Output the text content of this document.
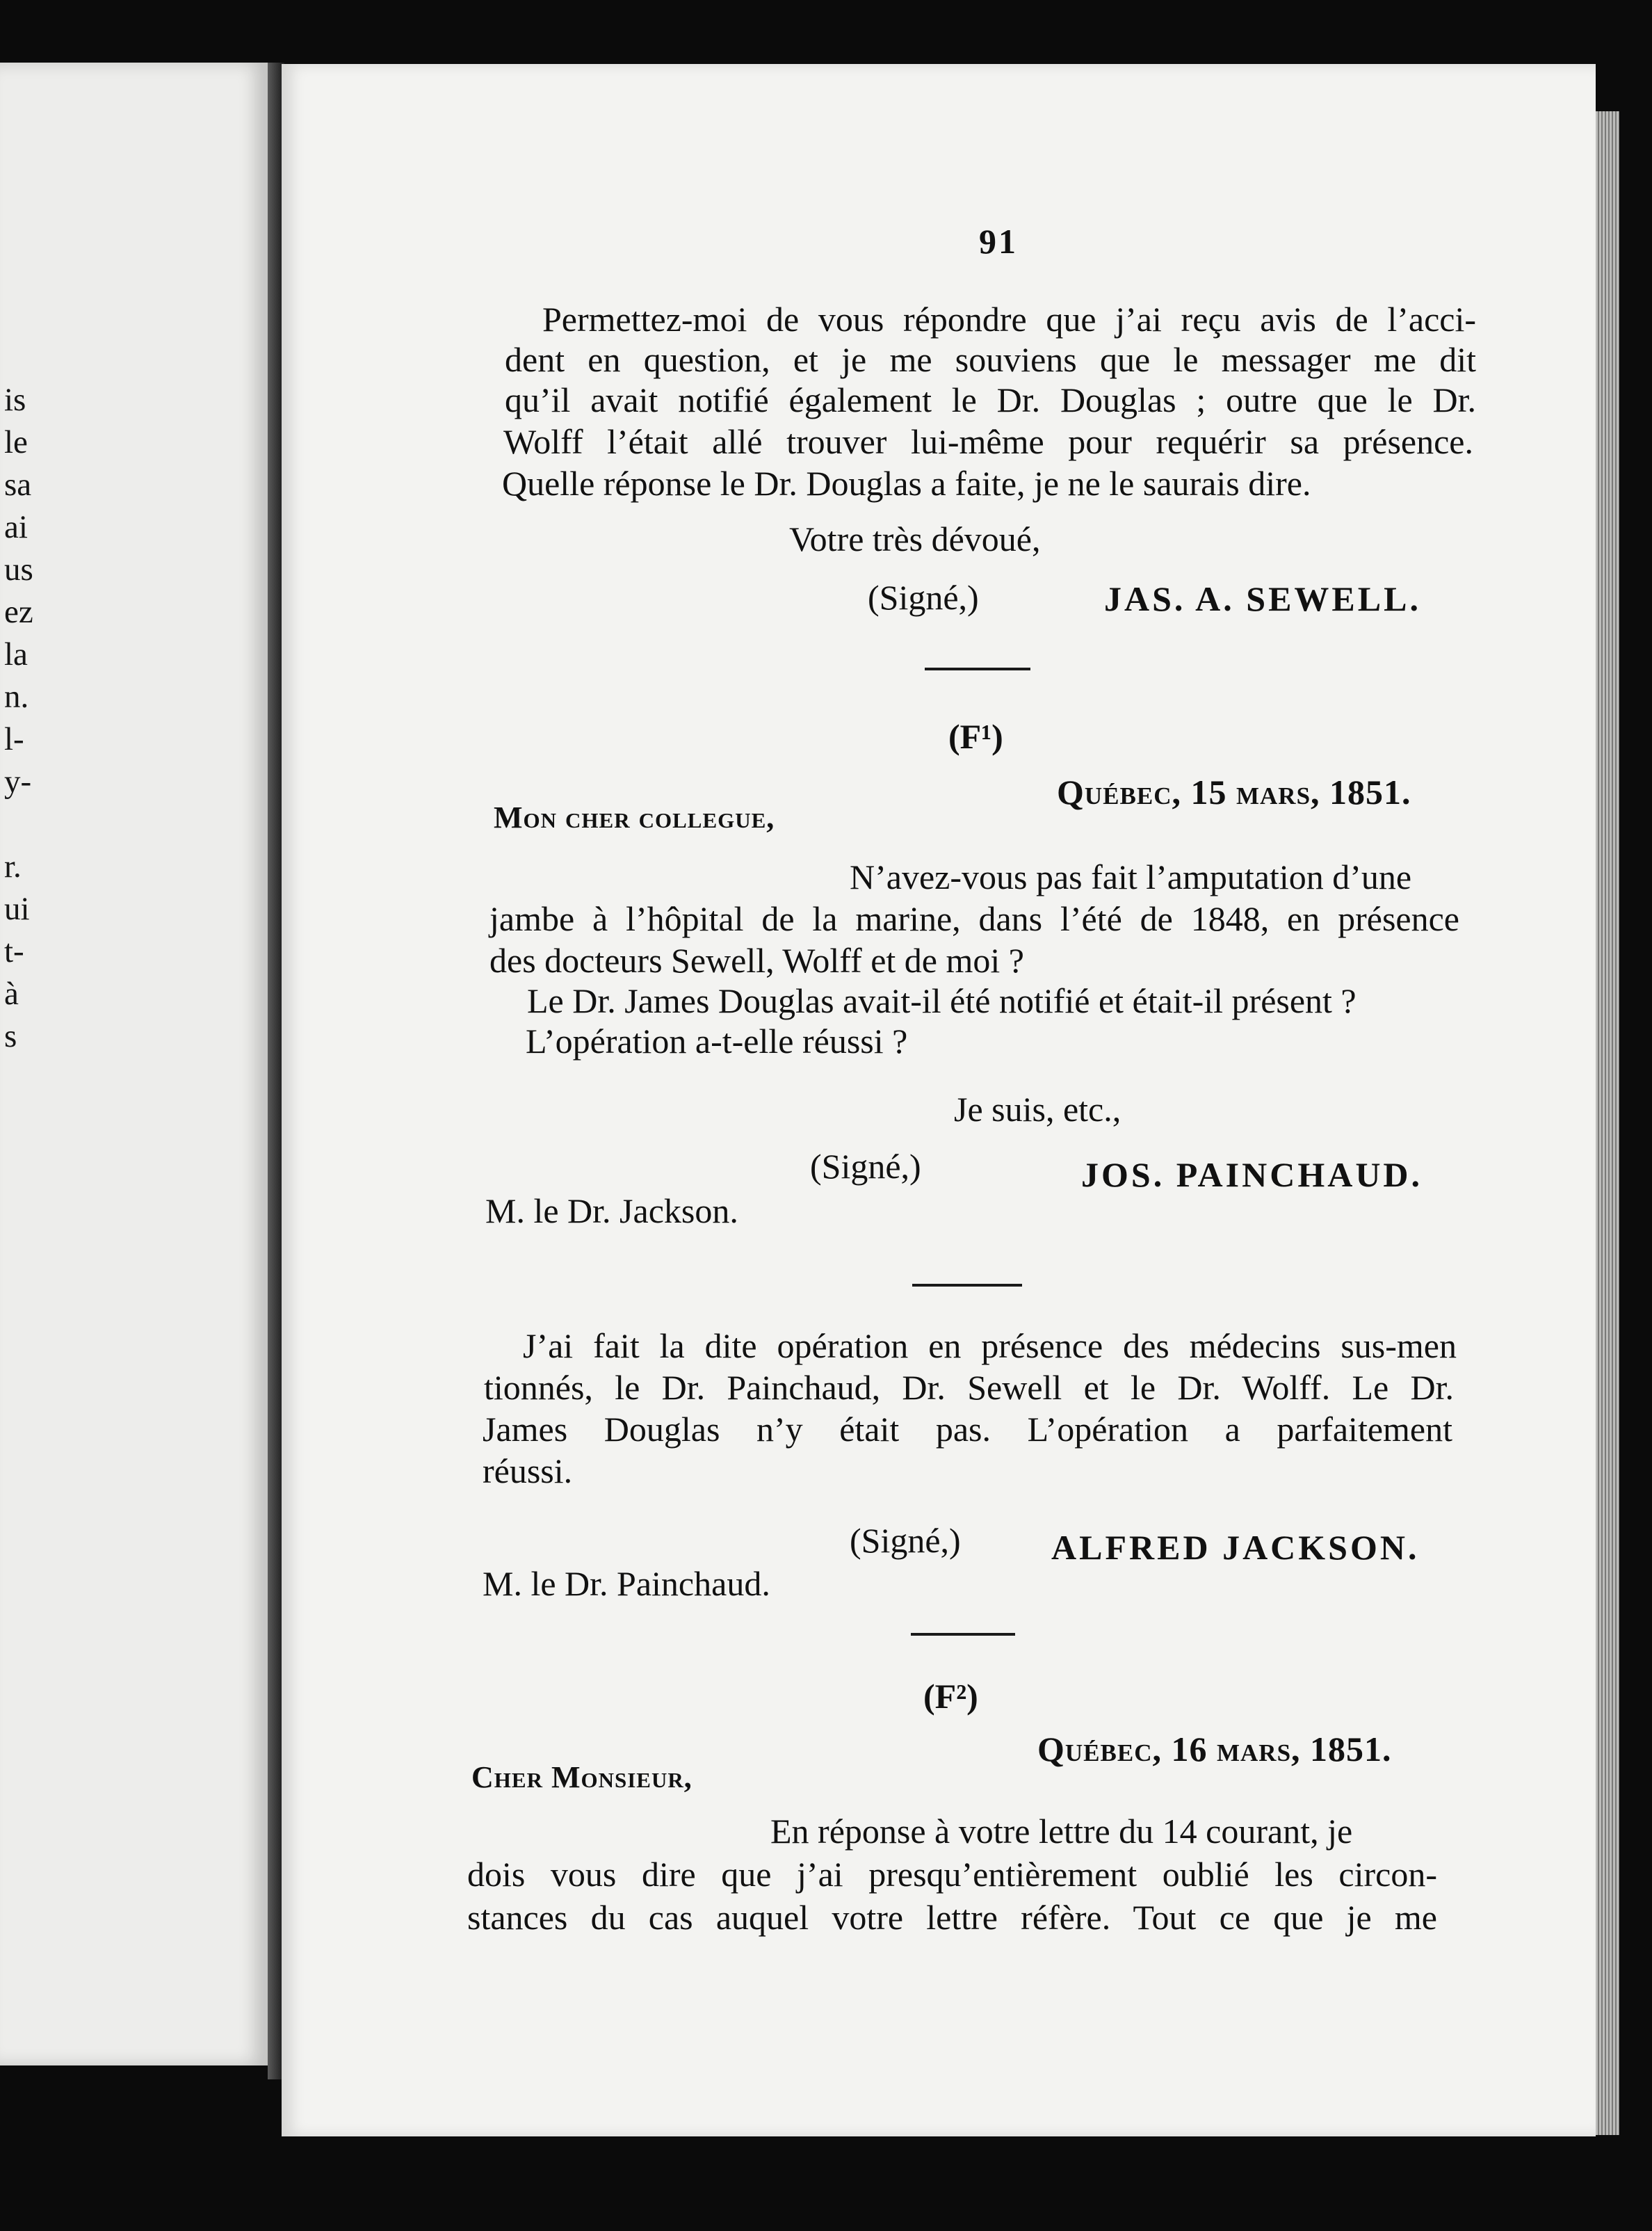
is
le
sa
ai
us
ez
la
n.
l-
y-
r.
ui
t-
à
s
91
Permettez-moi de vous répondre que j’ai reçu avis de l’acci-
dent en question, et je me souviens que le messager me dit
qu’il avait notifié également le Dr. Douglas ; outre que le Dr.
Wolff l’était allé trouver lui-même pour requérir sa présence.
Quelle réponse le Dr. Douglas a faite, je ne le saurais dire.
Votre très dévoué,
(Signé,)	JAS. A. SEWELL.
(F¹)
Québec, 15 mars, 1851.
Mon cher collegue,
N’avez-vous pas fait l’amputation d’une
jambe à l’hôpital de la marine, dans l’été de 1848, en présence
des docteurs Sewell, Wolff et de moi ?
Le Dr. James Douglas avait-il été notifié et était-il présent ?
L’opération a-t-elle réussi ?
Je suis, etc.,
(Signé,)	JOS. PAINCHAUD.
M. le Dr. Jackson.
J’ai fait la dite opération en présence des médecins sus-men
tionnés, le Dr. Painchaud, Dr. Sewell et le Dr. Wolff. Le Dr.
James Douglas n’y était pas. L’opération a parfaitement
réussi.
(Signé,)	ALFRED JACKSON.
M. le Dr. Painchaud.
(F²)
Québec, 16 mars, 1851.
Cher Monsieur,
En réponse à votre lettre du 14 courant, je
dois vous dire que j’ai presqu’entièrement oublié les circon-
stances du cas auquel votre lettre réfère. Tout ce que je me
